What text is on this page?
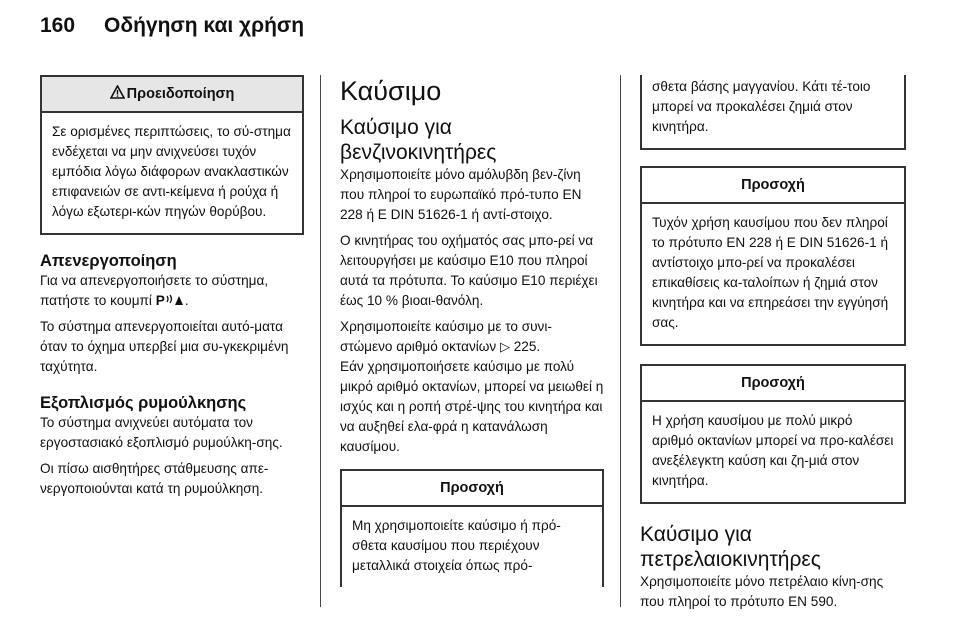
160	Οδήγηση και χρήση
Προειδοποίηση
Σε ορισμένες περιπτώσεις, το σύ-στημα ενδέχεται να μην ανιχνεύσει τυχόν εμπόδια λόγω διάφορων ανακλαστικών επιφανειών σε αντι-κείμενα ή ρούχα ή λόγω εξωτερι-κών πηγών θορύβου.
Απενεργοποίηση

Για να απενεργοποιήσετε το σύστημα, πατήστε το κουμπί P .

Το σύστημα απενεργοποιείται αυτό-ματα όταν το όχημα υπερβεί μια συ-γκεκριμένη ταχύτητα.

Εξοπλισμός ρυμούλκησης

Το σύστημα ανιχνεύει αυτόματα τον εργοστασιακό εξοπλισμό ρυμούλκη-σης.

Οι πίσω αισθητήρες στάθμευσης απε-νεργοποιούνται κατά τη ρυμούλκηση.

Καύσιμο
Καύσιμο για βενζινοκινητήρες

Χρησιμοποιείτε μόνο αμόλυβδη βεν-ζίνη που πληροί το ευρωπαϊκό πρό-τυπο EN 228 ή E DIN 51626-1 ή αντί-στοιχο.

Ο κινητήρας του οχήματός σας μπο-ρεί να λειτουργήσει με καύσιμο E10 που πληροί αυτά τα πρότυπα. Το καύσιμο E10 περιέχει έως 10 % βιοαι-θανόλη.

Χρησιμοποιείτε καύσιμο με το συνι-στώμενο αριθμό οκτανίων ▷ 225.
Εάν χρησιμοποιήσετε καύσιμο με πολύ μικρό αριθμό οκτανίων, μπορεί να μειωθεί η ισχύς και η ροπή στρέ-ψης του κινητήρα και να αυξηθεί ελα-φρά η κατανάλωση καυσίμου.

Προσοχή
Μη χρησιμοποιείτε καύσιμο ή πρό-σθετα καυσίμου που περιέχουν μεταλλικά στοιχεία όπως πρό-
σθετα βάσης μαγγανίου. Κάτι τέ-τοιο μπορεί να προκαλέσει ζημιά στον κινητήρα.
Προσοχή
Τυχόν χρήση καυσίμου που δεν πληροί το πρότυπο EN 228 ή E DIN 51626-1 ή αντίστοιχο μπο-ρεί να προκαλέσει επικαθίσεις κα-ταλοίπων ή ζημιά στον κινητήρα και να επηρεάσει την εγγύησή σας.
Προσοχή
Η χρήση καυσίμου με πολύ μικρό αριθμό οκτανίων μπορεί να προ-καλέσει ανεξέλεγκτη καύση και ζη-μιά στον κινητήρα.
Καύσιμο για πετρελαιοκινητήρες

Χρησιμοποιείτε μόνο πετρέλαιο κίνη-σης που πληροί το πρότυπο EN 590.
